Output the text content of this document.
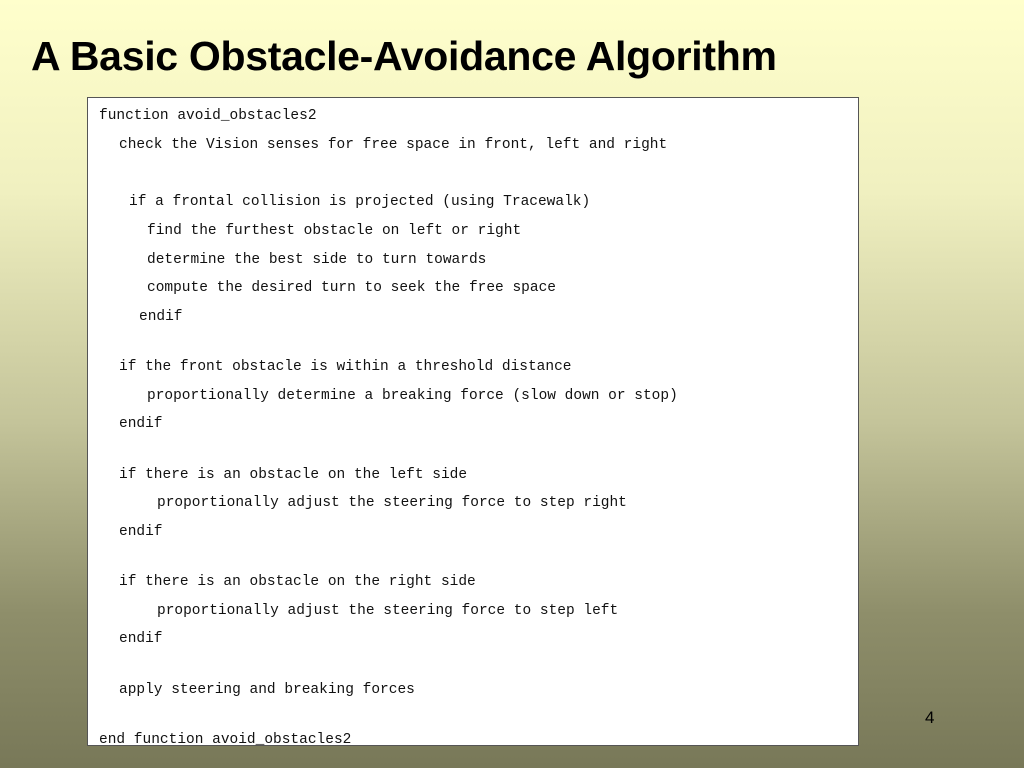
A Basic Obstacle-Avoidance Algorithm
function avoid_obstacles2
check the Vision senses for free space in front, left and right
if a frontal collision is projected (using Tracewalk)
find the furthest obstacle on left or right
determine the best side to turn towards
compute the desired turn to seek the free space
endif
if the front obstacle is within a threshold distance
proportionally determine a breaking force (slow down or stop)
endif
if there is an obstacle on the left side
proportionally adjust the steering force to step right
endif
if there is an obstacle on the right side
proportionally adjust the steering force to step left
endif
apply steering and breaking forces
end function avoid_obstacles2
4
